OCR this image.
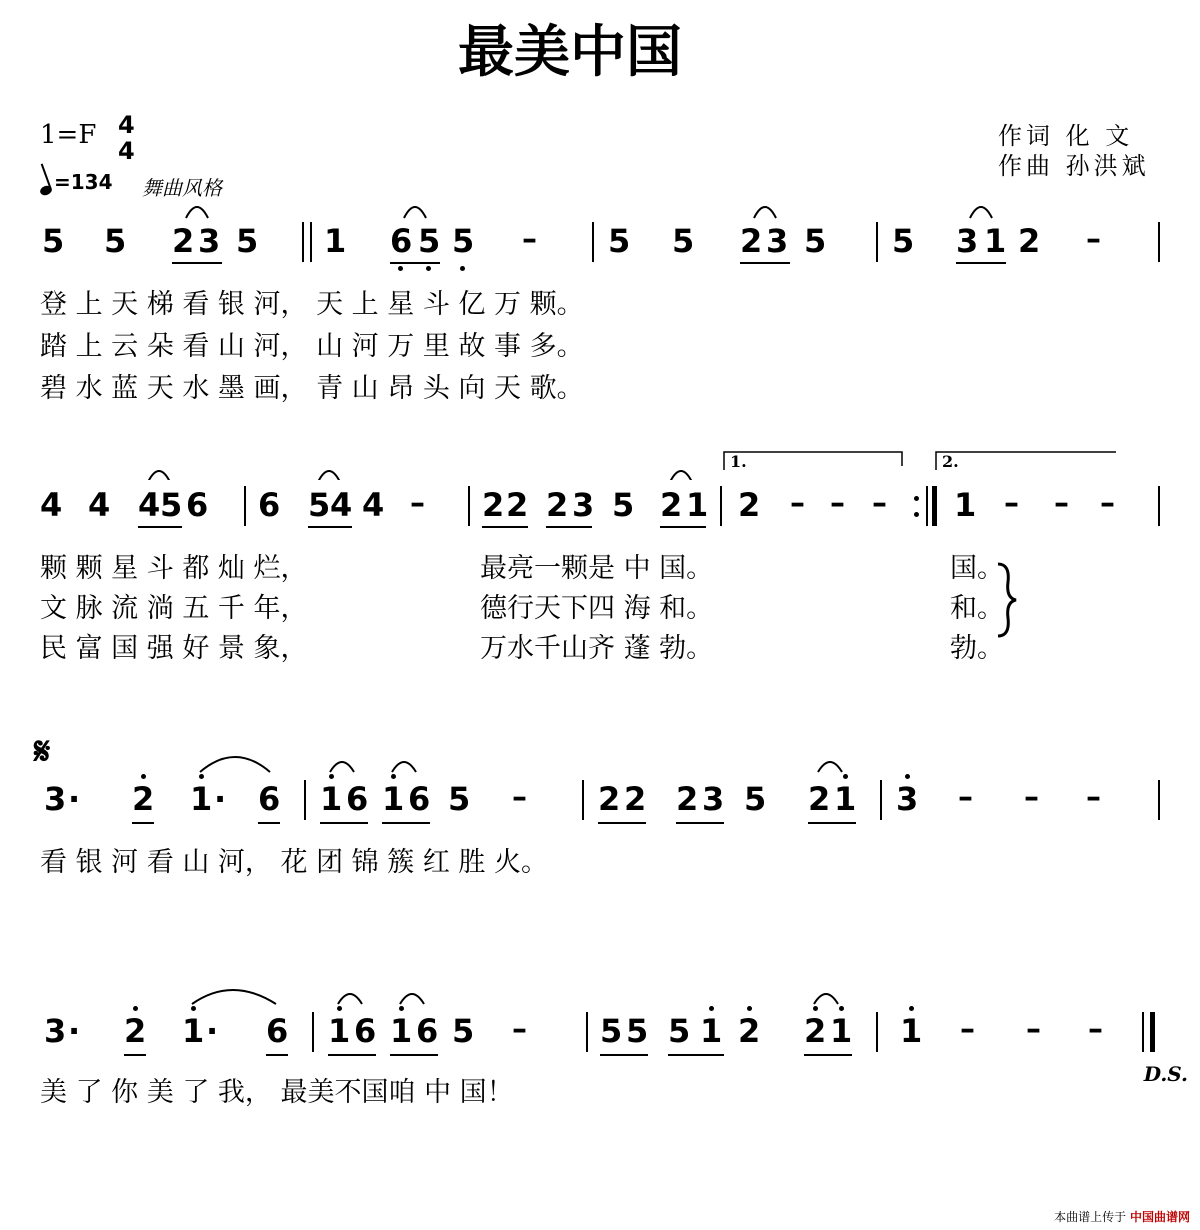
最美中国
1=F 4
4
=134 舞曲风格
作词 化 文
作曲 孙洪斌
5 5 2 3 5 1 6 5 5 – 5 5 2 3 5 5 3 1 2 –
登 上 天 梯 看 银 河， 天 上 星 斗 亿 万 颗。
踏 上 云 朵 看 山 河， 山 河 万 里 故 事 多。
碧 水 蓝 天 水 墨 画， 青 山 昂 头 向 天 歌。
4 4 4 5 6 6 5 4 4 – 2 2 2 3 5 2 1 2 – – – 1 – – –
1.	2.
颗 颗 星 斗 都 灿 烂，
文 脉 流 淌 五 千 年，
民 富 国 强 好 景 象，
最亮一颗是 中 国。
德行天下四 海 和。
万水千山齐 蓬 勃。
国。
和。
勃。
𝄋
3 · 2 1 · 6 1 6 1 6 5 – 2 2 2 3 5 2 1 3 – – –
看 银 河 看 山 河， 花 团 锦 簇 红 胜 火。
3 · 2 1 · 6 1 6 1 6 5 – 5 5 5 1 2 2 1 1 – – –
美 了 你 美 了 我， 最美不国咱 中 国！
D.S.
本曲谱上传于 中国曲谱网
